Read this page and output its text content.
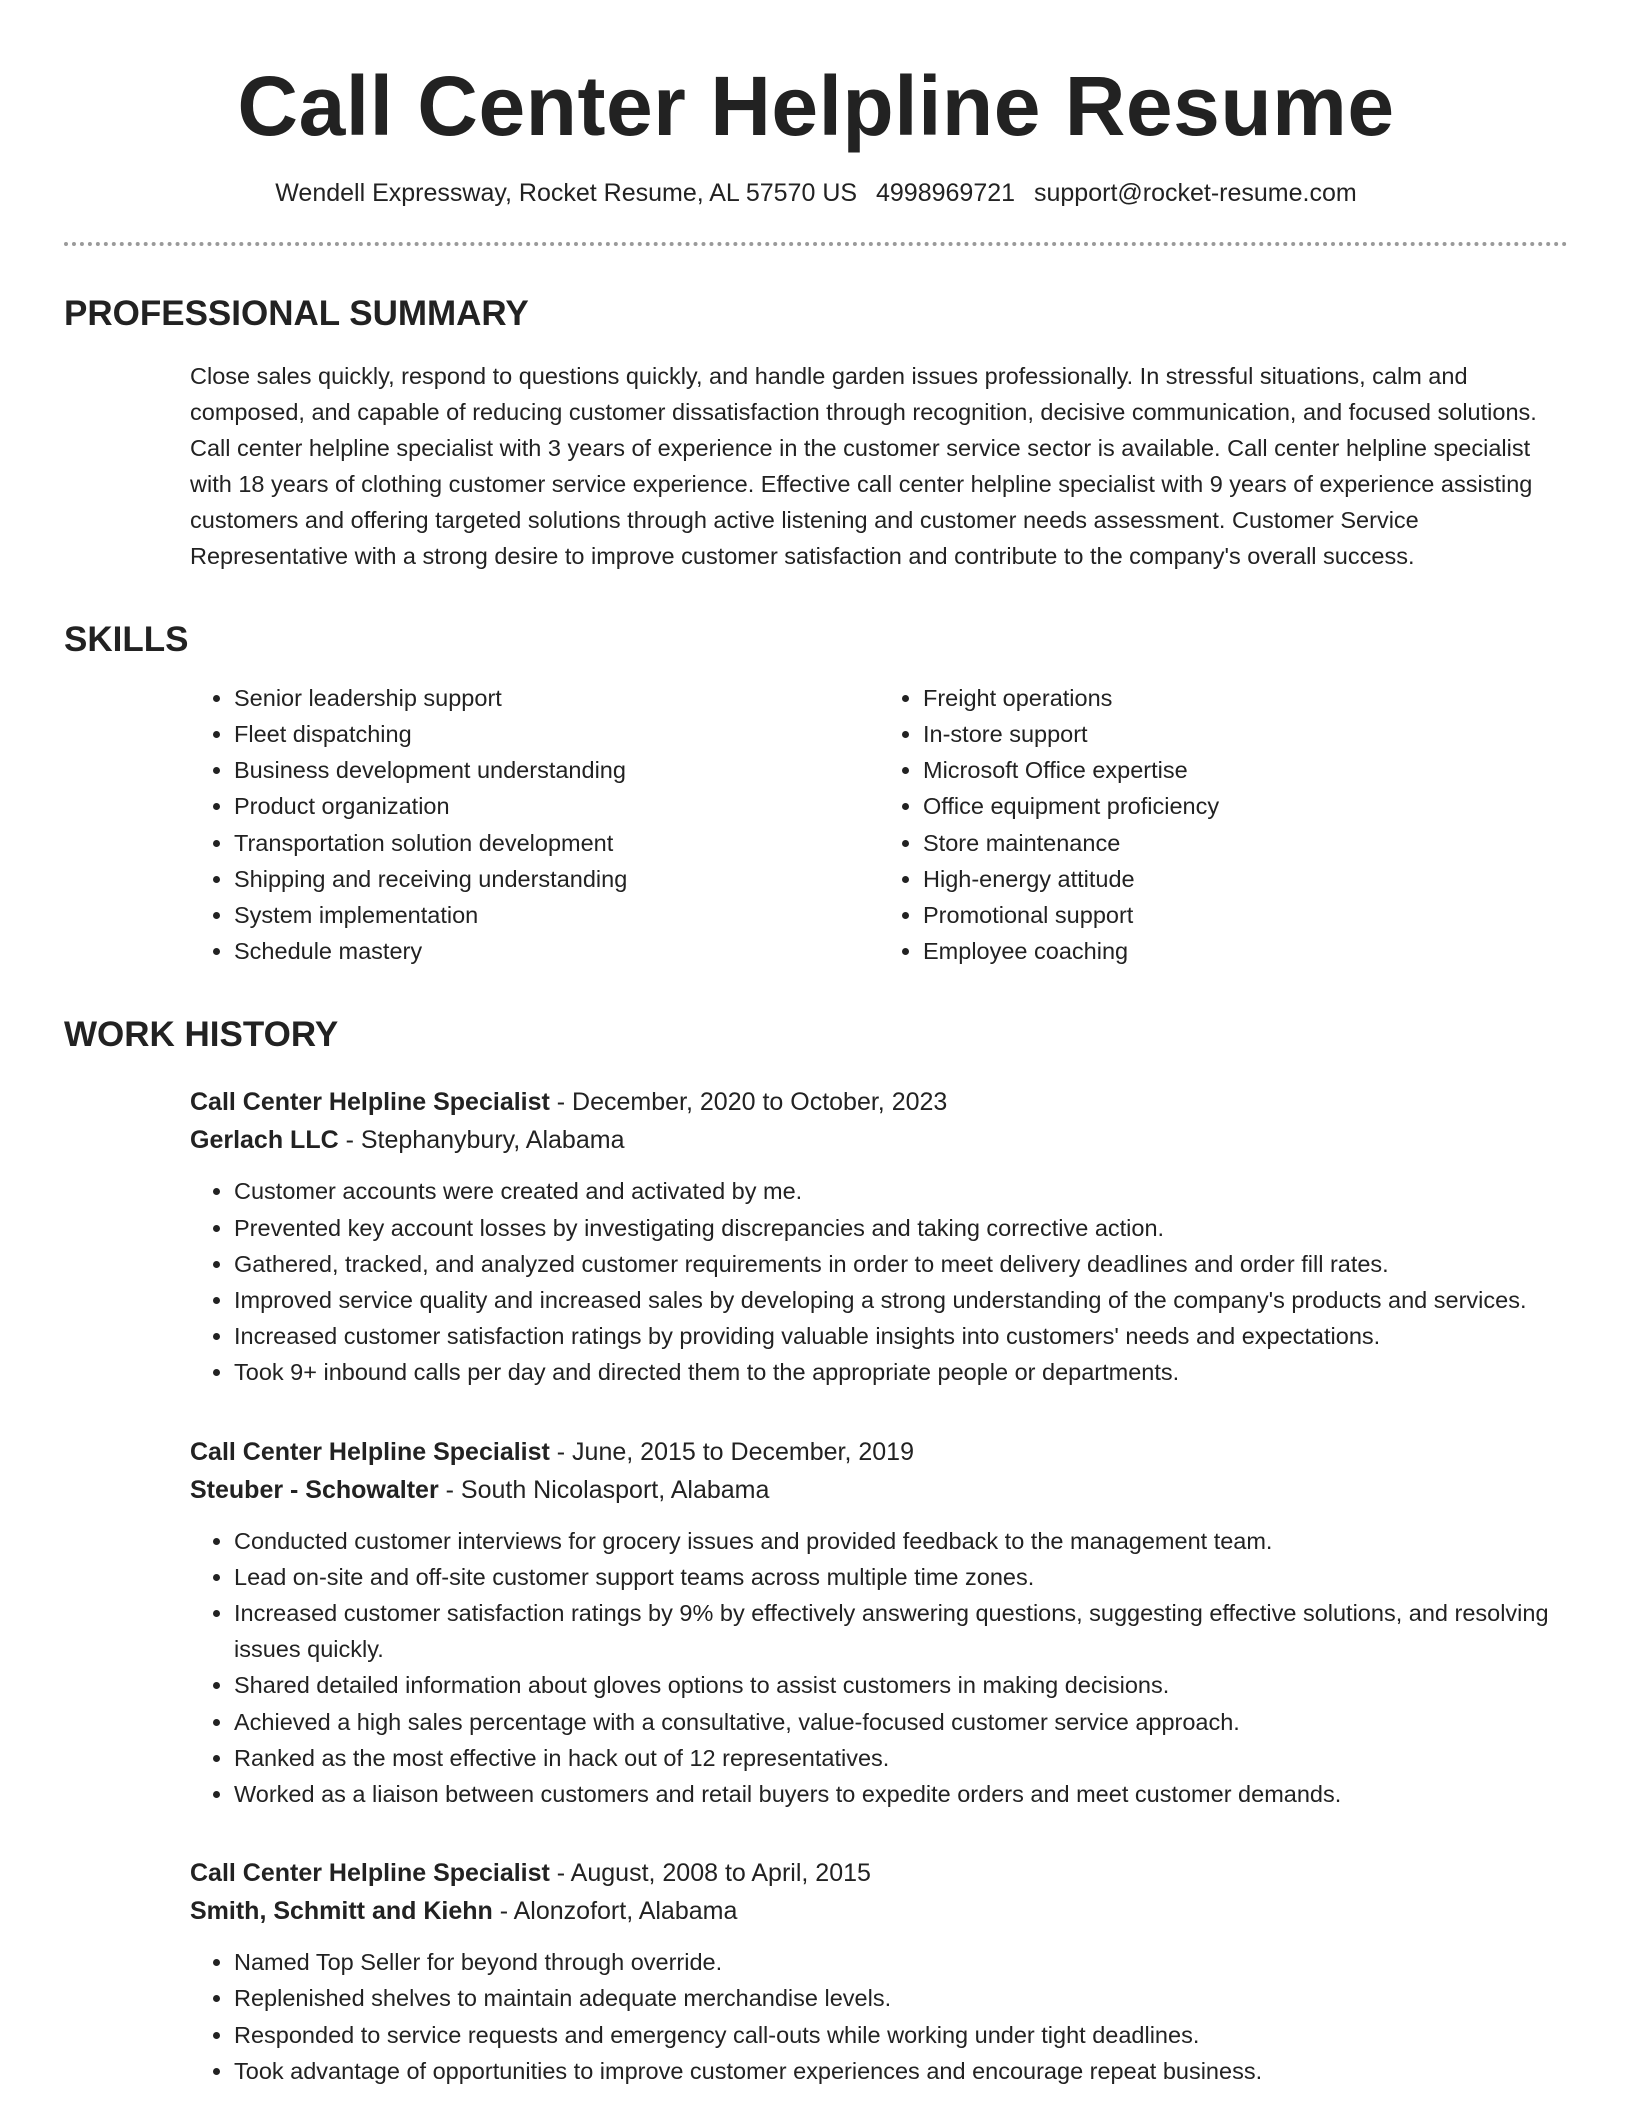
Call Center Helpline Resume
Wendell Expressway, Rocket Resume, AL 57570 US 4998969721 support@rocket-resume.com
PROFESSIONAL SUMMARY

Close sales quickly, respond to questions quickly, and handle garden issues professionally. In stressful situations, calm and composed, and capable of reducing customer dissatisfaction through recognition, decisive communication, and focused solutions. Call center helpline specialist with 3 years of experience in the customer service sector is available. Call center helpline specialist with 18 years of clothing customer service experience. Effective call center helpline specialist with 9 years of experience assisting customers and offering targeted solutions through active listening and customer needs assessment. Customer Service Representative with a strong desire to improve customer satisfaction and contribute to the company's overall success.

SKILLS
• Senior leadership support
• Fleet dispatching
• Business development understanding
• Product organization
• Transportation solution development
• Shipping and receiving understanding
• System implementation
• Schedule mastery
• Freight operations
• In-store support
• Microsoft Office expertise
• Office equipment proficiency
• Store maintenance
• High-energy attitude
• Promotional support
• Employee coaching
WORK HISTORY
Call Center Helpline Specialist - December, 2020 to October, 2023
Gerlach LLC - Stephanybury, Alabama
• Customer accounts were created and activated by me.
• Prevented key account losses by investigating discrepancies and taking corrective action.
• Gathered, tracked, and analyzed customer requirements in order to meet delivery deadlines and order fill rates.
• Improved service quality and increased sales by developing a strong understanding of the company's products and services.
• Increased customer satisfaction ratings by providing valuable insights into customers' needs and expectations.
• Took 9+ inbound calls per day and directed them to the appropriate people or departments.
Call Center Helpline Specialist - June, 2015 to December, 2019
Steuber - Schowalter - South Nicolasport, Alabama
• Conducted customer interviews for grocery issues and provided feedback to the management team.
• Lead on-site and off-site customer support teams across multiple time zones.
• Increased customer satisfaction ratings by 9% by effectively answering questions, suggesting effective solutions, and resolving issues quickly.
• Shared detailed information about gloves options to assist customers in making decisions.
• Achieved a high sales percentage with a consultative, value-focused customer service approach.
• Ranked as the most effective in hack out of 12 representatives.
• Worked as a liaison between customers and retail buyers to expedite orders and meet customer demands.
Call Center Helpline Specialist - August, 2008 to April, 2015
Smith, Schmitt and Kiehn - Alonzofort, Alabama
• Named Top Seller for beyond through override.
• Replenished shelves to maintain adequate merchandise levels.
• Responded to service requests and emergency call-outs while working under tight deadlines.
• Took advantage of opportunities to improve customer experiences and encourage repeat business.
